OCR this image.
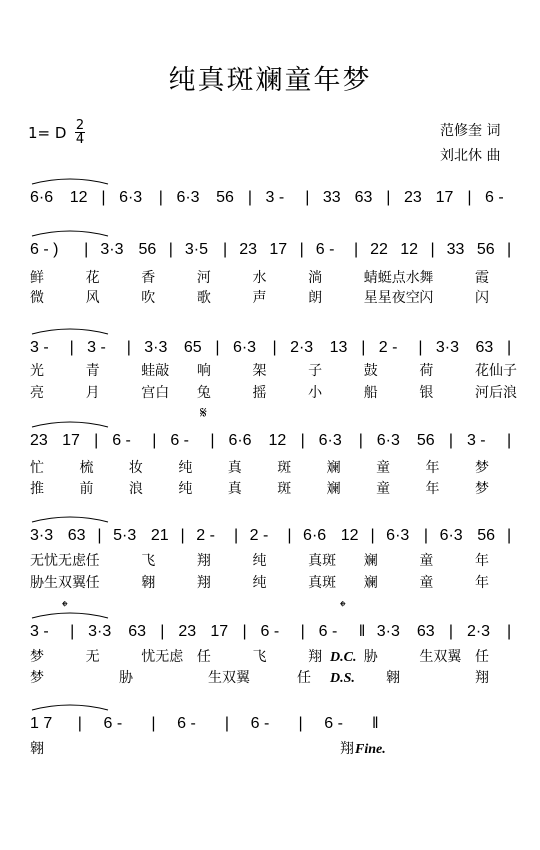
纯真斑斓童年梦
1= D $\frac{2}{4}$	范修奎 词
刘北休 曲
6·6 12 | 6·3 | 6·3 56 | 3 - | 33 63 | 23 17 | 6 -
6 - ) | 3·3 56 | 3·5 | 23 17 | 6 - | 22 12 | 33 56 |
鲜	花	香	河	水	淌	蜻蜓点水 舞	霞
微	风	吹	歌	声	朗	星星夜空 闪	闪
3 - | 3 - | 3·3 65 | 6·3 | 2·3 13 | 2 - | 3·3 63 |
光	青	蛙敲 响	架	子	鼓	荷	花仙子
亮	月	宫白 兔	摇	小	船	银	河后浪
23 17 | 6 - | 6 - | 6·6 12 | 6·3 | 6·3 56 | 3 - |
忙	梳	妆	纯	真	斑	斓	童	年	梦
推	前	浪	纯	真	斑	斓	童	年	梦
3·3 63 | 5·3 21 | 2 - | 2 - | 6·6 12 | 6·3 | 6·3 56 |
无忧无虑 任	飞	翔	纯	真斑 斓	童	年
胁生双翼 任	翱	翔	纯	真斑 斓	童	年
3 - | 3·3 63 | 23 17 | 6 - | 6 - ‖ 3·3 63 | 2·3 |
梦	无	忧无虑 任	飞	翔	胁	生双翼 任
梦	胁	生双翼	任	翱	翔
1 7 | 6 - | 6 - | 6 - | 6 - ‖
翱	翔
D.C.
D.S.
Fine.
𝄋
𝄌	𝄌
